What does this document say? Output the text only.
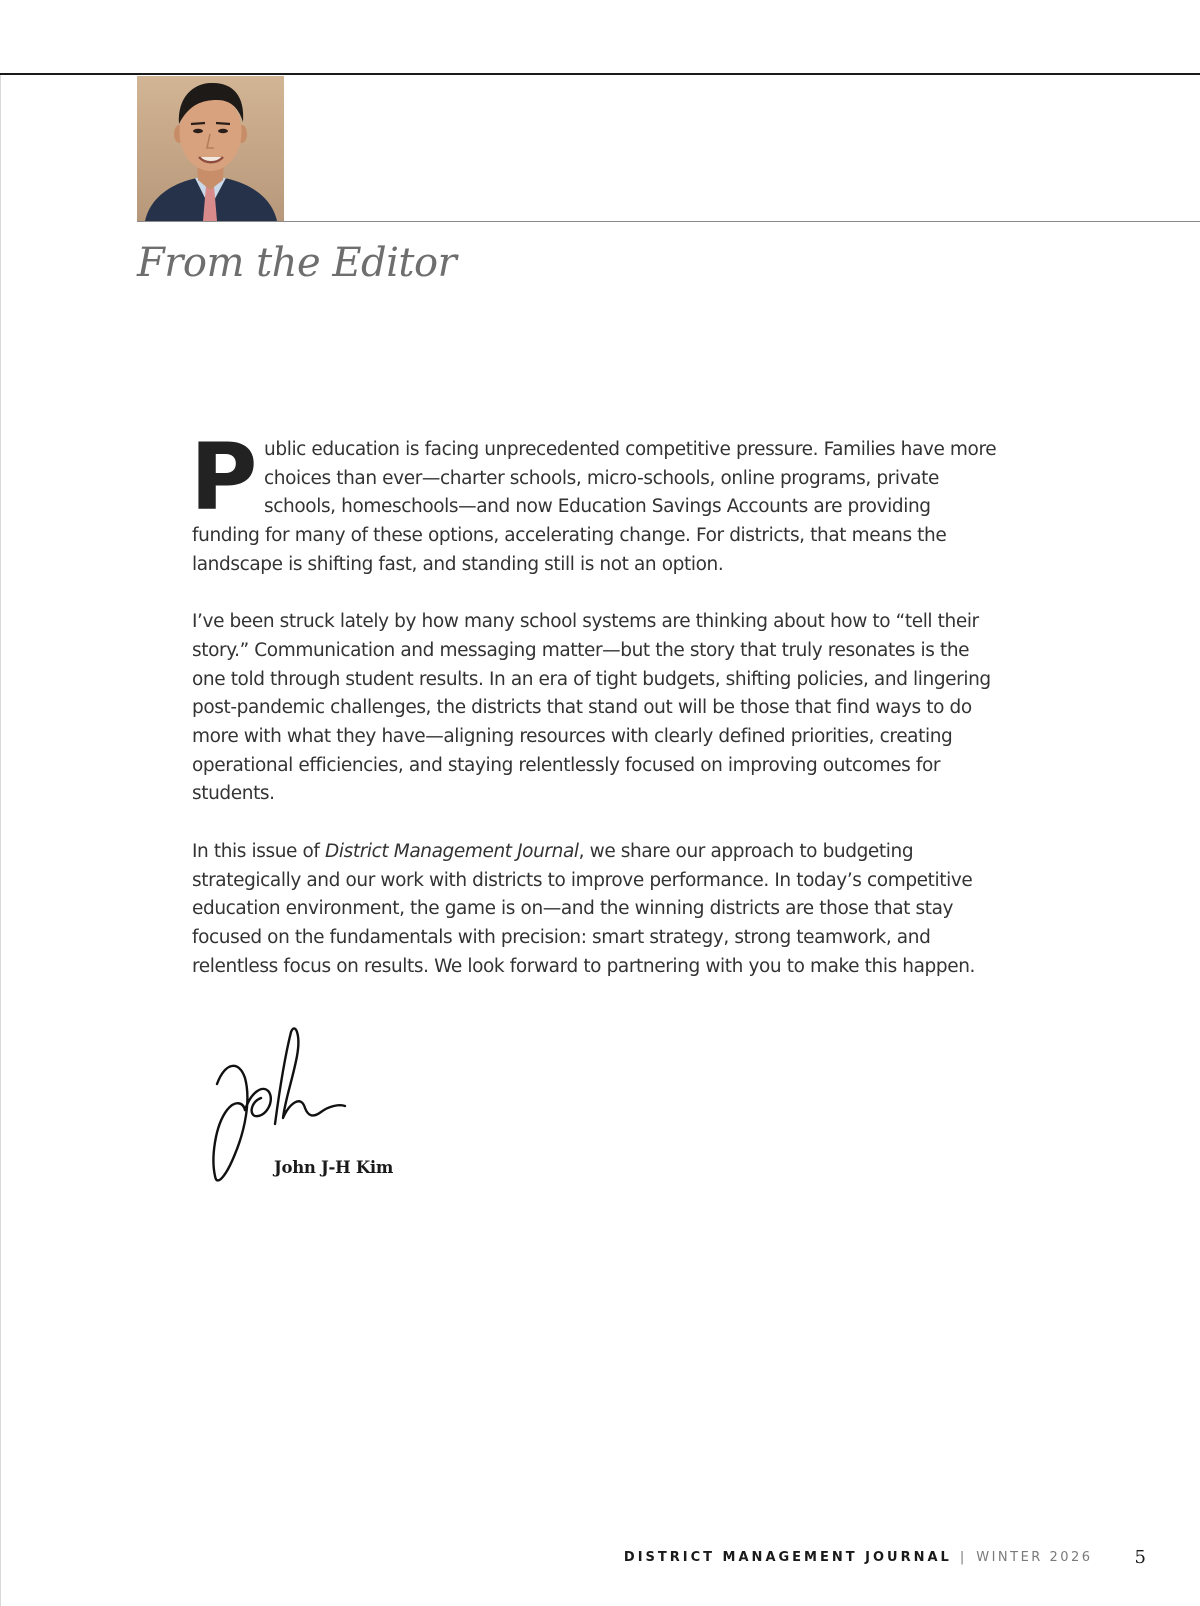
From the Editor

Public education is facing unprecedented competitive pressure. Families have more choices than ever—charter schools, micro-schools, online programs, private schools, homeschools—and now Education Savings Accounts are providing funding for many of these options, accelerating change. For districts, that means the landscape is shifting fast, and standing still is not an option.

I’ve been struck lately by how many school systems are thinking about how to “tell their story.” Communication and messaging matter—but the story that truly resonates is the one told through student results. In an era of tight budgets, shifting policies, and lingering post-pandemic challenges, the districts that stand out will be those that find ways to do more with what they have—aligning resources with clearly defined priorities, creating operational efficiencies, and staying relentlessly focused on improving outcomes for students.

In this issue of District Management Journal, we share our approach to budgeting strategically and our work with districts to improve performance. In today’s competitive education environment, the game is on—and the winning districts are those that stay focused on the fundamentals with precision: smart strategy, strong teamwork, and relentless focus on results. We look forward to partnering with you to make this happen.

John J-H Kim
DISTRICT MANAGEMENT JOURNAL | WINTER 2026 5
